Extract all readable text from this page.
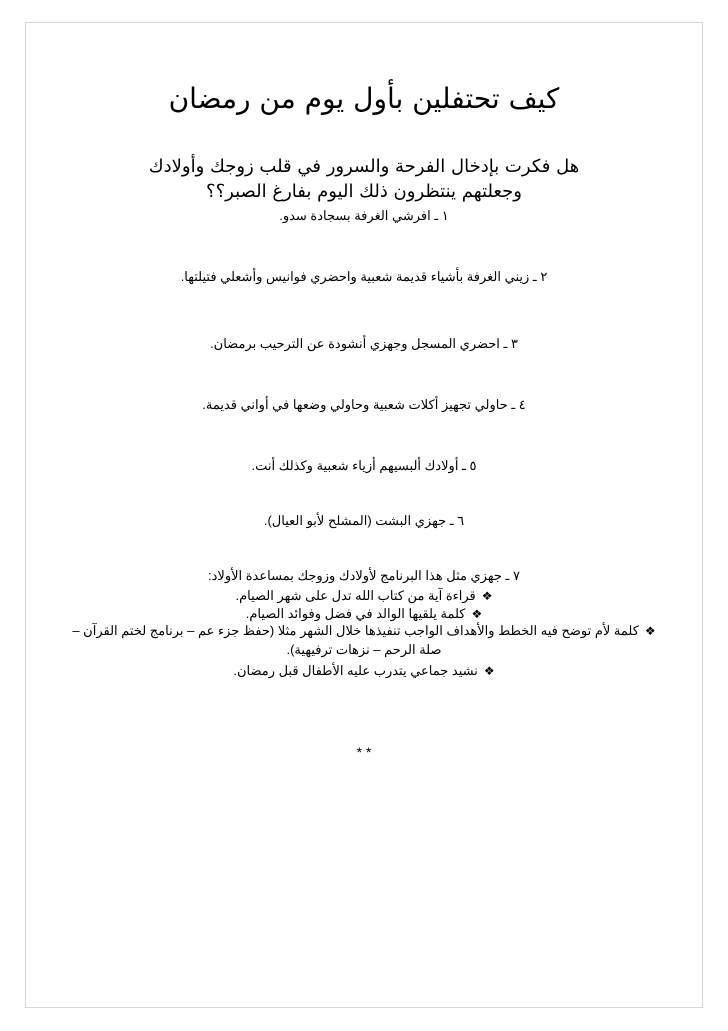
كيف تحتفلين بأول يوم من رمضان
هل فكرت بإدخال الفرحة والسرور في قلب زوجك وأولادك
وجعلتهم ينتظرون ذلك اليوم بفارغ الصبر؟؟
١ ـ افرشي الغرفة بسجادة سدو.
٢ ـ زيني الغرفة بأشياء قديمة شعبية واحضري فوانيس وأشعلي فتيلتها.
٣ ـ احضري المسجل وجهزي أنشودة عن الترحيب برمضان.
٤ ـ حاولي تجهيز أكلات شعبية وحاولي وضعها في أواني قديمة.
٥ ـ أولادك ألبسيهم أزياء شعبية وكذلك أنت.
٦ ـ جهزي البشت (المشلح لأبو العيال).
٧ ـ جهزي مثل هذا البرنامج لأولادك وزوجك بمساعدة الأولاد:
❖قراءة آية من كتاب الله تدل على شهر الصيام.
❖كلمة يلقيها الوالد في فضل وفوائد الصيام.
❖كلمة لأم توضح فيه الخطط والأهداف الواجب تنفيذها خلال الشهر مثلا (حفظ جزء عم – برنامج لختم القرآن –
صلة الرحم – نزهات ترفيهية).
❖نشيد جماعي يتدرب عليه الأطفال قبل رمضان.
* *
